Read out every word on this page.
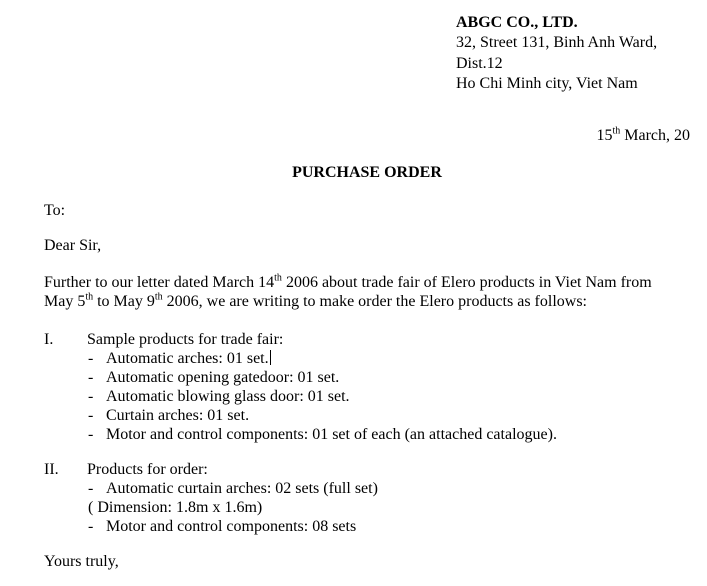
ABGC CO., LTD.
32, Street 131, Binh Anh Ward,
Dist.12
Ho Chi Minh city, Viet Nam
15th March, 20
PURCHASE ORDER
To:
Dear Sir,
Further to our letter dated March 14th 2006 about trade fair of Elero products in Viet Nam from
May 5th to May 9th 2006, we are writing to make order the Elero products as follows:
I.	Sample products for trade fair:
- Automatic arches: 01 set.
- Automatic opening gatedoor: 01 set.
- Automatic blowing glass door: 01 set.
- Curtain arches: 01 set.
- Motor and control components: 01 set of each (an attached catalogue).
II.	Products for order:
- Automatic curtain arches: 02 sets (full set)
( Dimension: 1.8m x 1.6m)
- Motor and control components: 08 sets
Yours truly,
